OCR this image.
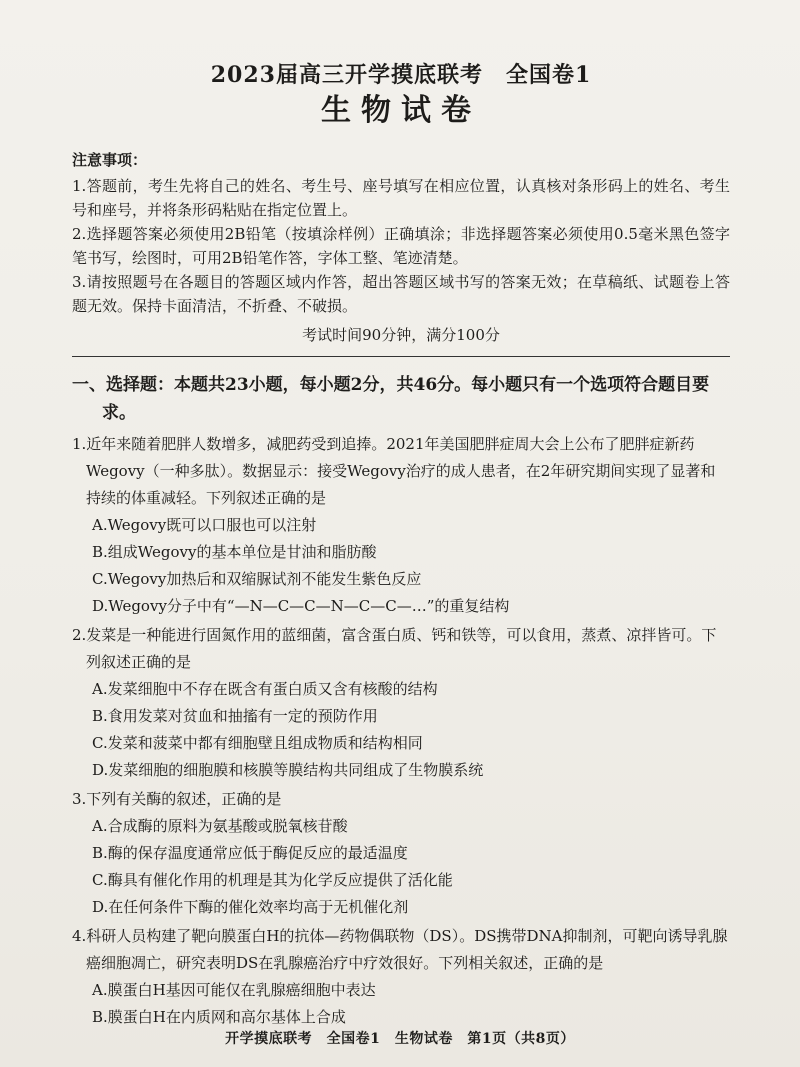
2023届高三开学摸底联考　全国卷1
生物试卷

注意事项：

1.答题前，考生先将自己的姓名、考生号、座号填写在相应位置，认真核对条形码上的姓名、考生号和座号，并将条形码粘贴在指定位置上。

2.选择题答案必须使用2B铅笔（按填涂样例）正确填涂；非选择题答案必须使用0.5毫米黑色签字笔书写，绘图时，可用2B铅笔作答，字体工整、笔迹清楚。

3.请按照题号在各题目的答题区域内作答，超出答题区域书写的答案无效；在草稿纸、试题卷上答题无效。保持卡面清洁，不折叠、不破损。

考试时间90分钟，满分100分

一、选择题：本题共23小题，每小题2分，共46分。每小题只有一个选项符合题目要求。

1.近年来随着肥胖人数增多，减肥药受到追捧。2021年美国肥胖症周大会上公布了肥胖症新药Wegovy（一种多肽）。数据显示：接受Wegovy治疗的成人患者，在2年研究期间实现了显著和持续的体重减轻。下列叙述正确的是

A.Wegovy既可以口服也可以注射

B.组成Wegovy的基本单位是甘油和脂肪酸

C.Wegovy加热后和双缩脲试剂不能发生紫色反应

D.Wegovy分子中有“—N—C—C—N—C—C—…”的重复结构

2.发菜是一种能进行固氮作用的蓝细菌，富含蛋白质、钙和铁等，可以食用，蒸煮、凉拌皆可。下列叙述正确的是

A.发菜细胞中不存在既含有蛋白质又含有核酸的结构

B.食用发菜对贫血和抽搐有一定的预防作用

C.发菜和菠菜中都有细胞壁且组成物质和结构相同

D.发菜细胞的细胞膜和核膜等膜结构共同组成了生物膜系统

3.下列有关酶的叙述，正确的是

A.合成酶的原料为氨基酸或脱氧核苷酸

B.酶的保存温度通常应低于酶促反应的最适温度

C.酶具有催化作用的机理是其为化学反应提供了活化能

D.在任何条件下酶的催化效率均高于无机催化剂

4.科研人员构建了靶向膜蛋白H的抗体—药物偶联物（DS）。DS携带DNA抑制剂，可靶向诱导乳腺癌细胞凋亡，研究表明DS在乳腺癌治疗中疗效很好。下列相关叙述，正确的是

A.膜蛋白H基因可能仅在乳腺癌细胞中表达

B.膜蛋白H在内质网和高尔基体上合成

开学摸底联考　全国卷1　生物试卷　第1页（共8页）
